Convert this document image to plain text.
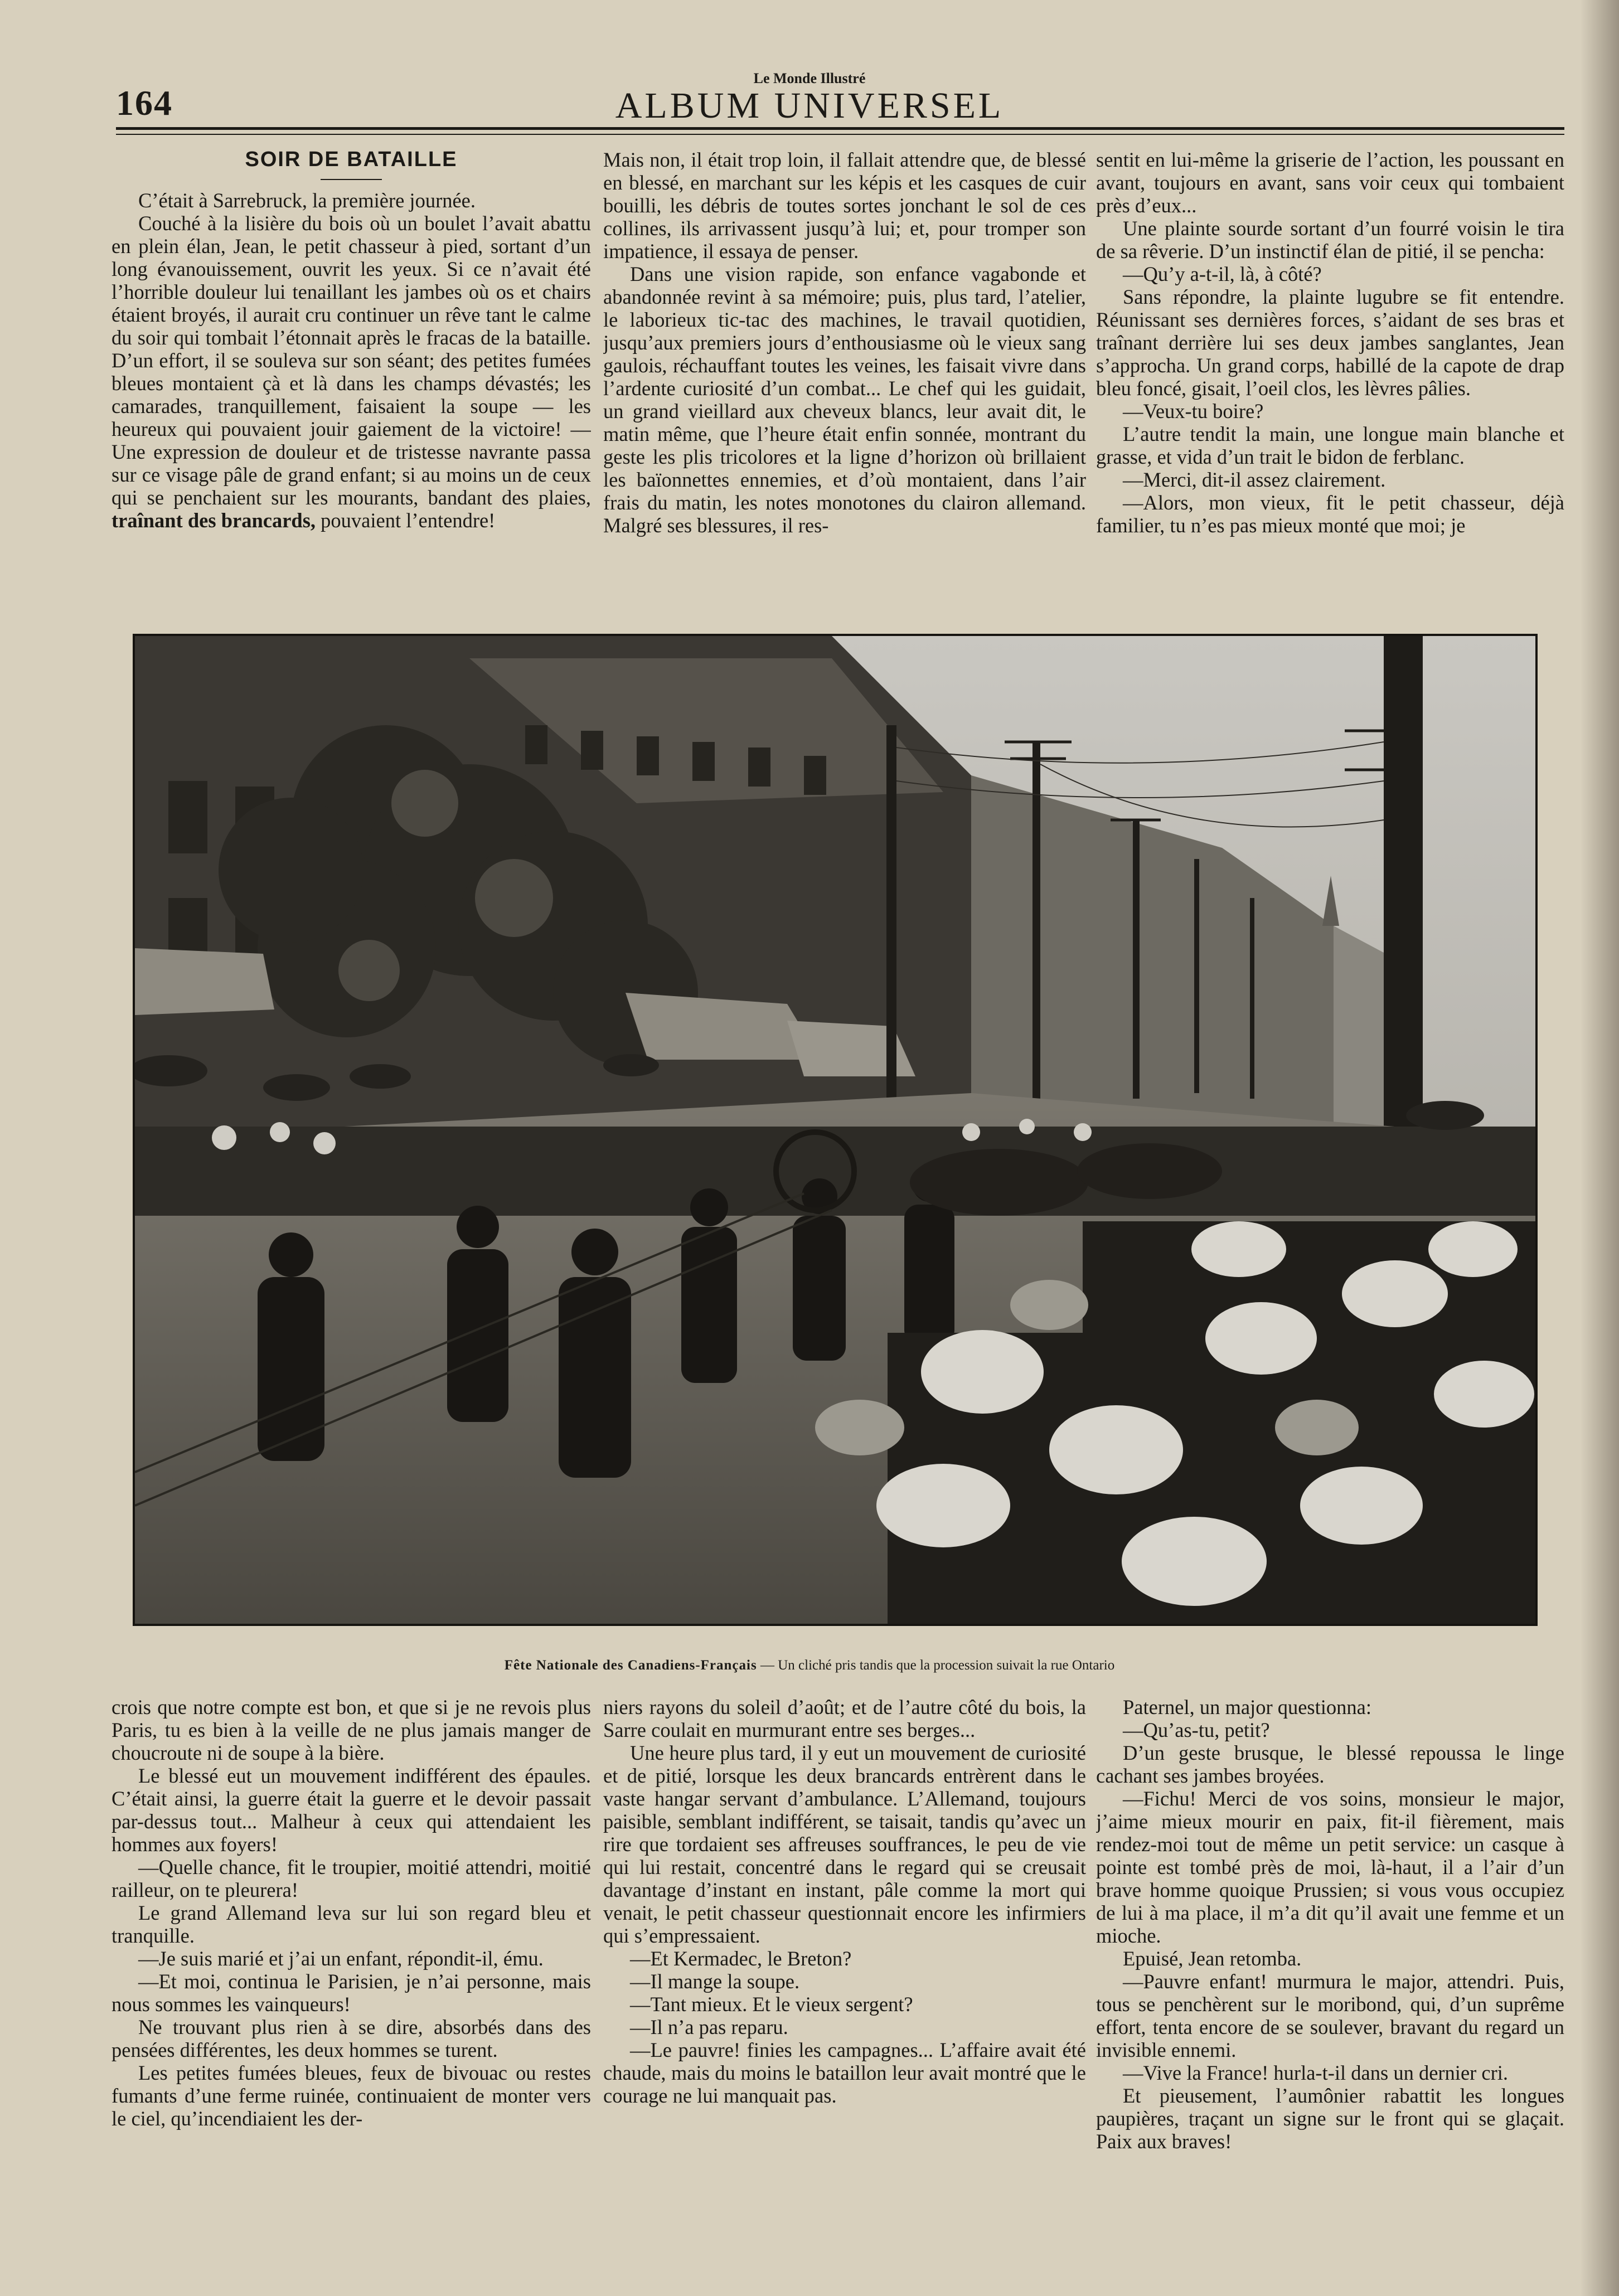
164
Le Monde Illustré
ALBUM UNIVERSEL
SOIR DE BATAILLE

C’était à Sarrebruck, la première journée.

Couché à la lisière du bois où un boulet l’avait abattu en plein élan, Jean, le petit chasseur à pied, sortant d’un long évanouissement, ouvrit les yeux. Si ce n’avait été l’horrible douleur lui tenaillant les jambes où os et chairs étaient broyés, il aurait cru continuer un rêve tant le calme du soir qui tombait l’étonnait après le fracas de la bataille. D’un effort, il se souleva sur son séant; des petites fumées bleues montaient çà et là dans les champs dévastés; les camarades, tranquillement, faisaient la soupe — les heureux qui pouvaient jouir gaiement de la victoire! — Une expression de douleur et de tristesse navrante passa sur ce visage pâle de grand enfant; si au moins un de ceux qui se penchaient sur les mourants, bandant des plaies, traînant des brancards, pouvaient l’entendre!

Mais non, il était trop loin, il fallait attendre que, de blessé en blessé, en marchant sur les képis et les casques de cuir bouilli, les débris de toutes sortes jonchant le sol de ces collines, ils arrivassent jusqu’à lui; et, pour tromper son impatience, il essaya de penser.

Dans une vision rapide, son enfance vagabonde et abandonnée revint à sa mémoire; puis, plus tard, l’atelier, le laborieux tic-tac des machines, le travail quotidien, jusqu’aux premiers jours d’enthousiasme où le vieux sang gaulois, réchauffant toutes les veines, les faisait vivre dans l’ardente curiosité d’un combat... Le chef qui les guidait, un grand vieillard aux cheveux blancs, leur avait dit, le matin même, que l’heure était enfin sonnée, montrant du geste les plis tricolores et la ligne d’horizon où brillaient les baïonnettes ennemies, et d’où montaient, dans l’air frais du matin, les notes monotones du clairon allemand. Malgré ses blessures, il res-

sentit en lui-même la griserie de l’action, les poussant en avant, toujours en avant, sans voir ceux qui tombaient près d’eux...

Une plainte sourde sortant d’un fourré voisin le tira de sa rêverie. D’un instinctif élan de pitié, il se pencha:

—Qu’y a-t-il, là, à côté?

Sans répondre, la plainte lugubre se fit entendre. Réunissant ses dernières forces, s’aidant de ses bras et traînant derrière lui ses deux jambes sanglantes, Jean s’approcha. Un grand corps, habillé de la capote de drap bleu foncé, gisait, l’oeil clos, les lèvres pâlies.

—Veux-tu boire?

L’autre tendit la main, une longue main blanche et grasse, et vida d’un trait le bidon de ferblanc.

—Merci, dit-il assez clairement.

—Alors, mon vieux, fit le petit chasseur, déjà familier, tu n’es pas mieux monté que moi; je

Fête Nationale des Canadiens-Français — Un cliché pris tandis que la procession suivait la rue Ontario

crois que notre compte est bon, et que si je ne revois plus Paris, tu es bien à la veille de ne plus jamais manger de choucroute ni de soupe à la bière.

Le blessé eut un mouvement indifférent des épaules. C’était ainsi, la guerre était la guerre et le devoir passait par-dessus tout... Malheur à ceux qui attendaient les hommes aux foyers!

—Quelle chance, fit le troupier, moitié attendri, moitié railleur, on te pleurera!

Le grand Allemand leva sur lui son regard bleu et tranquille.

—Je suis marié et j’ai un enfant, répondit-il, ému.

—Et moi, continua le Parisien, je n’ai personne, mais nous sommes les vainqueurs!

Ne trouvant plus rien à se dire, absorbés dans des pensées différentes, les deux hommes se turent.

Les petites fumées bleues, feux de bivouac ou restes fumants d’une ferme ruinée, continuaient de monter vers le ciel, qu’incendiaient les der-

niers rayons du soleil d’août; et de l’autre côté du bois, la Sarre coulait en murmurant entre ses berges...

Une heure plus tard, il y eut un mouvement de curiosité et de pitié, lorsque les deux brancards entrèrent dans le vaste hangar servant d’ambulance. L’Allemand, toujours paisible, semblant indifférent, se taisait, tandis qu’avec un rire que tordaient ses affreuses souffrances, le peu de vie qui lui restait, concentré dans le regard qui se creusait davantage d’instant en instant, pâle comme la mort qui venait, le petit chasseur questionnait encore les infirmiers qui s’empressaient.

—Et Kermadec, le Breton?

—Il mange la soupe.

—Tant mieux. Et le vieux sergent?

—Il n’a pas reparu.

—Le pauvre! finies les campagnes... L’affaire avait été chaude, mais du moins le bataillon leur avait montré que le courage ne lui manquait pas.

Paternel, un major questionna:

—Qu’as-tu, petit?

D’un geste brusque, le blessé repoussa le linge cachant ses jambes broyées.

—Fichu! Merci de vos soins, monsieur le major, j’aime mieux mourir en paix, fit-il fièrement, mais rendez-moi tout de même un petit service: un casque à pointe est tombé près de moi, là-haut, il a l’air d’un brave homme quoique Prussien; si vous vous occupiez de lui à ma place, il m’a dit qu’il avait une femme et un mioche.

Epuisé, Jean retomba.

—Pauvre enfant! murmura le major, attendri. Puis, tous se penchèrent sur le moribond, qui, d’un suprême effort, tenta encore de se soulever, bravant du regard un invisible ennemi.

—Vive la France! hurla-t-il dans un dernier cri.

Et pieusement, l’aumônier rabattit les longues paupières, traçant un signe sur le front qui se glaçait. Paix aux braves!
